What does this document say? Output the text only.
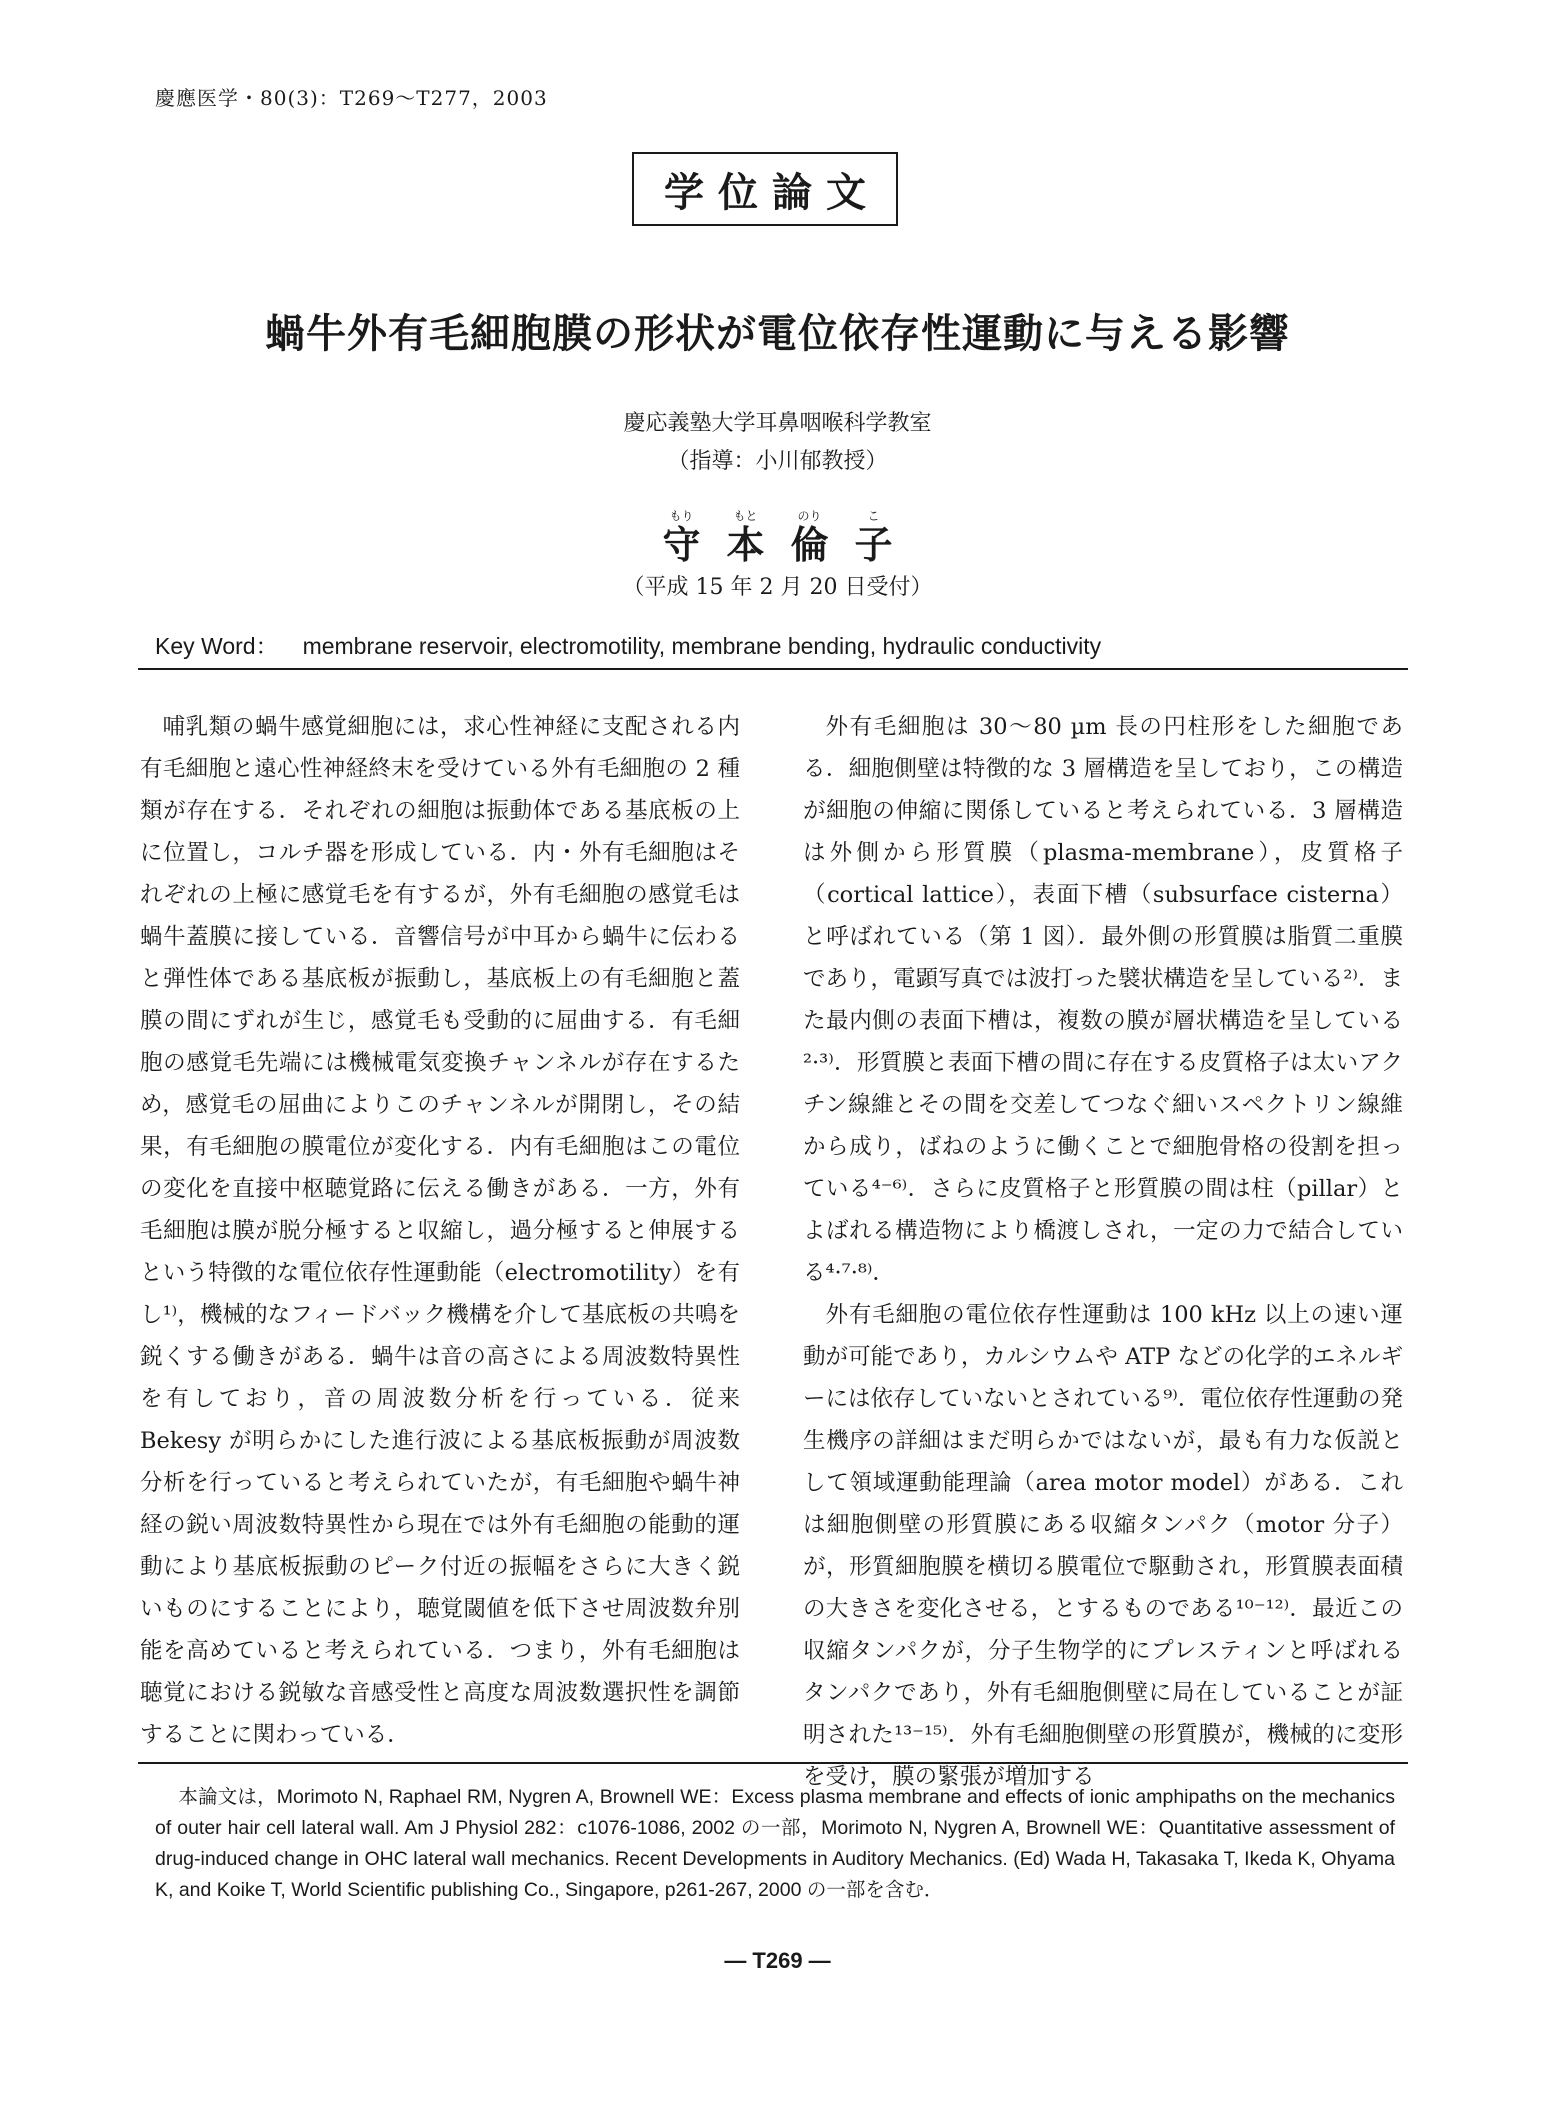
慶應医学・80(3)：T269〜T277，2003
学位論文
蝸牛外有毛細胞膜の形状が電位依存性運動に与える影響
慶応義塾大学耳鼻咽喉科学教室
（指導：小川郁教授）
もり
守
もと
本
のり
倫
こ
子
（平成 15 年 2 月 20 日受付）
Key Word： membrane reservoir, electromotility, membrane bending, hydraulic conductivity

哺乳類の蝸牛感覚細胞には，求心性神経に支配される内有毛細胞と遠心性神経終末を受けている外有毛細胞の 2 種類が存在する．それぞれの細胞は振動体である基底板の上に位置し，コルチ器を形成している．内・外有毛細胞はそれぞれの上極に感覚毛を有するが，外有毛細胞の感覚毛は蝸牛蓋膜に接している．音響信号が中耳から蝸牛に伝わると弾性体である基底板が振動し，基底板上の有毛細胞と蓋膜の間にずれが生じ，感覚毛も受動的に屈曲する．有毛細胞の感覚毛先端には機械電気変換チャンネルが存在するため，感覚毛の屈曲によりこのチャンネルが開閉し，その結果，有毛細胞の膜電位が変化する．内有毛細胞はこの電位の変化を直接中枢聴覚路に伝える働きがある．一方，外有毛細胞は膜が脱分極すると収縮し，過分極すると伸展するという特徴的な電位依存性運動能（electromotility）を有し¹⁾，機械的なフィードバック機構を介して基底板の共鳴を鋭くする働きがある．蝸牛は音の高さによる周波数特異性を有しており，音の周波数分析を行っている．従来 Bekesy が明らかにした進行波による基底板振動が周波数分析を行っていると考えられていたが，有毛細胞や蝸牛神経の鋭い周波数特異性から現在では外有毛細胞の能動的運動により基底板振動のピーク付近の振幅をさらに大きく鋭いものにすることにより，聴覚閾値を低下させ周波数弁別能を高めていると考えられている．つまり，外有毛細胞は聴覚における鋭敏な音感受性と高度な周波数選択性を調節することに関わっている．

外有毛細胞は 30〜80 µm 長の円柱形をした細胞である．細胞側壁は特徴的な 3 層構造を呈しており，この構造が細胞の伸縮に関係していると考えられている．3 層構造は外側から形質膜（plasma-membrane），皮質格子（cortical lattice），表面下槽（subsurface cisterna）と呼ばれている（第 1 図）．最外側の形質膜は脂質二重膜であり，電顕写真では波打った襞状構造を呈している²⁾．また最内側の表面下槽は，複数の膜が層状構造を呈している²·³⁾．形質膜と表面下槽の間に存在する皮質格子は太いアクチン線維とその間を交差してつなぐ細いスペクトリン線維から成り，ばねのように働くことで細胞骨格の役割を担っている⁴⁻⁶⁾．さらに皮質格子と形質膜の間は柱（pillar）とよばれる構造物により橋渡しされ，一定の力で結合している⁴·⁷·⁸⁾．

外有毛細胞の電位依存性運動は 100 kHz 以上の速い運動が可能であり，カルシウムや ATP などの化学的エネルギーには依存していないとされている⁹⁾．電位依存性運動の発生機序の詳細はまだ明らかではないが，最も有力な仮説として領域運動能理論（area motor model）がある．これは細胞側壁の形質膜にある収縮タンパク（motor 分子）が，形質細胞膜を横切る膜電位で駆動され，形質膜表面積の大きさを変化させる，とするものである¹⁰⁻¹²⁾．最近この収縮タンパクが，分子生物学的にプレスティンと呼ばれるタンパクであり，外有毛細胞側壁に局在していることが証明された¹³⁻¹⁵⁾．外有毛細胞側壁の形質膜が，機械的に変形を受け，膜の緊張が増加する

本論文は，Morimoto N, Raphael RM, Nygren A, Brownell WE：Excess plasma membrane and effects of ionic amphipaths on the mechanics of outer hair cell lateral wall. Am J Physiol 282：c1076-1086, 2002 の一部，Morimoto N, Nygren A, Brownell WE：Quantitative assessment of drug-induced change in OHC lateral wall mechanics. Recent Developments in Auditory Mechanics. (Ed) Wada H, Takasaka T, Ikeda K, Ohyama K, and Koike T, World Scientific publishing Co., Singapore, p261-267, 2000 の一部を含む．

— T269 —
